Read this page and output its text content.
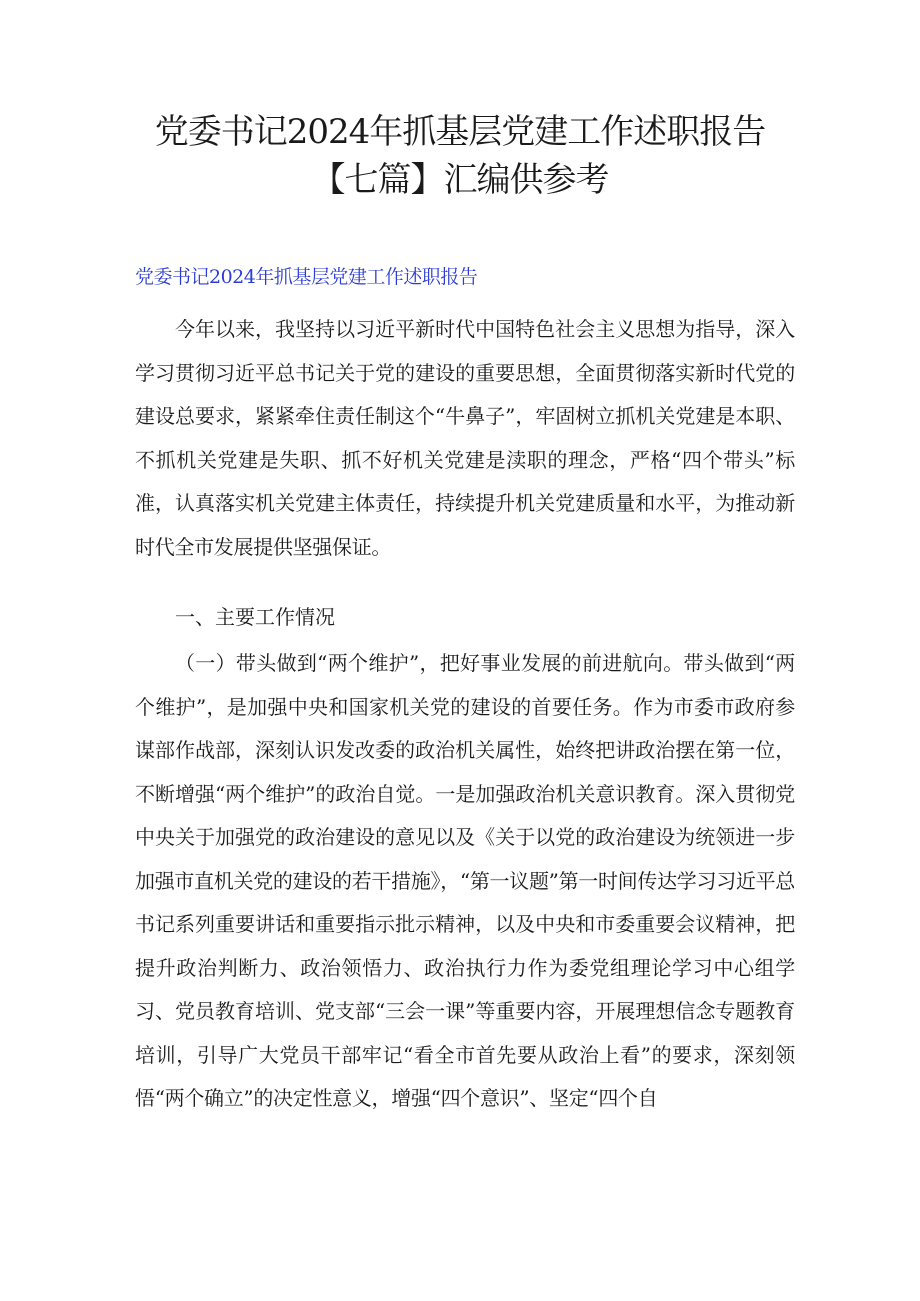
党委书记2024年抓基层党建工作述职报告【七篇】汇编供参考
党委书记2024年抓基层党建工作述职报告

今年以来，我坚持以习近平新时代中国特色社会主义思想为指导，深入学习贯彻习近平总书记关于党的建设的重要思想，全面贯彻落实新时代党的建设总要求，紧紧牵住责任制这个“牛鼻子”，牢固树立抓机关党建是本职、不抓机关党建是失职、抓不好机关党建是渎职的理念，严格“四个带头”标准，认真落实机关党建主体责任，持续提升机关党建质量和水平，为推动新时代全市发展提供坚强保证。

一、主要工作情况

（一）带头做到“两个维护”，把好事业发展的前进航向。带头做到“两个维护”，是加强中央和国家机关党的建设的首要任务。作为市委市政府参谋部作战部，深刻认识发改委的政治机关属性，始终把讲政治摆在第一位，不断增强“两个维护”的政治自觉。一是加强政治机关意识教育。深入贯彻党中央关于加强党的政治建设的意见以及《关于以党的政治建设为统领进一步加强市直机关党的建设的若干措施》，“第一议题”第一时间传达学习习近平总书记系列重要讲话和重要指示批示精神，以及中央和市委重要会议精神，把提升政治判断力、政治领悟力、政治执行力作为委党组理论学习中心组学习、党员教育培训、党支部“三会一课”等重要内容，开展理想信念专题教育培训，引导广大党员干部牢记“看全市首先要从政治上看”的要求，深刻领悟“两个确立”的决定性意义，增强“四个意识”、坚定“四个自
